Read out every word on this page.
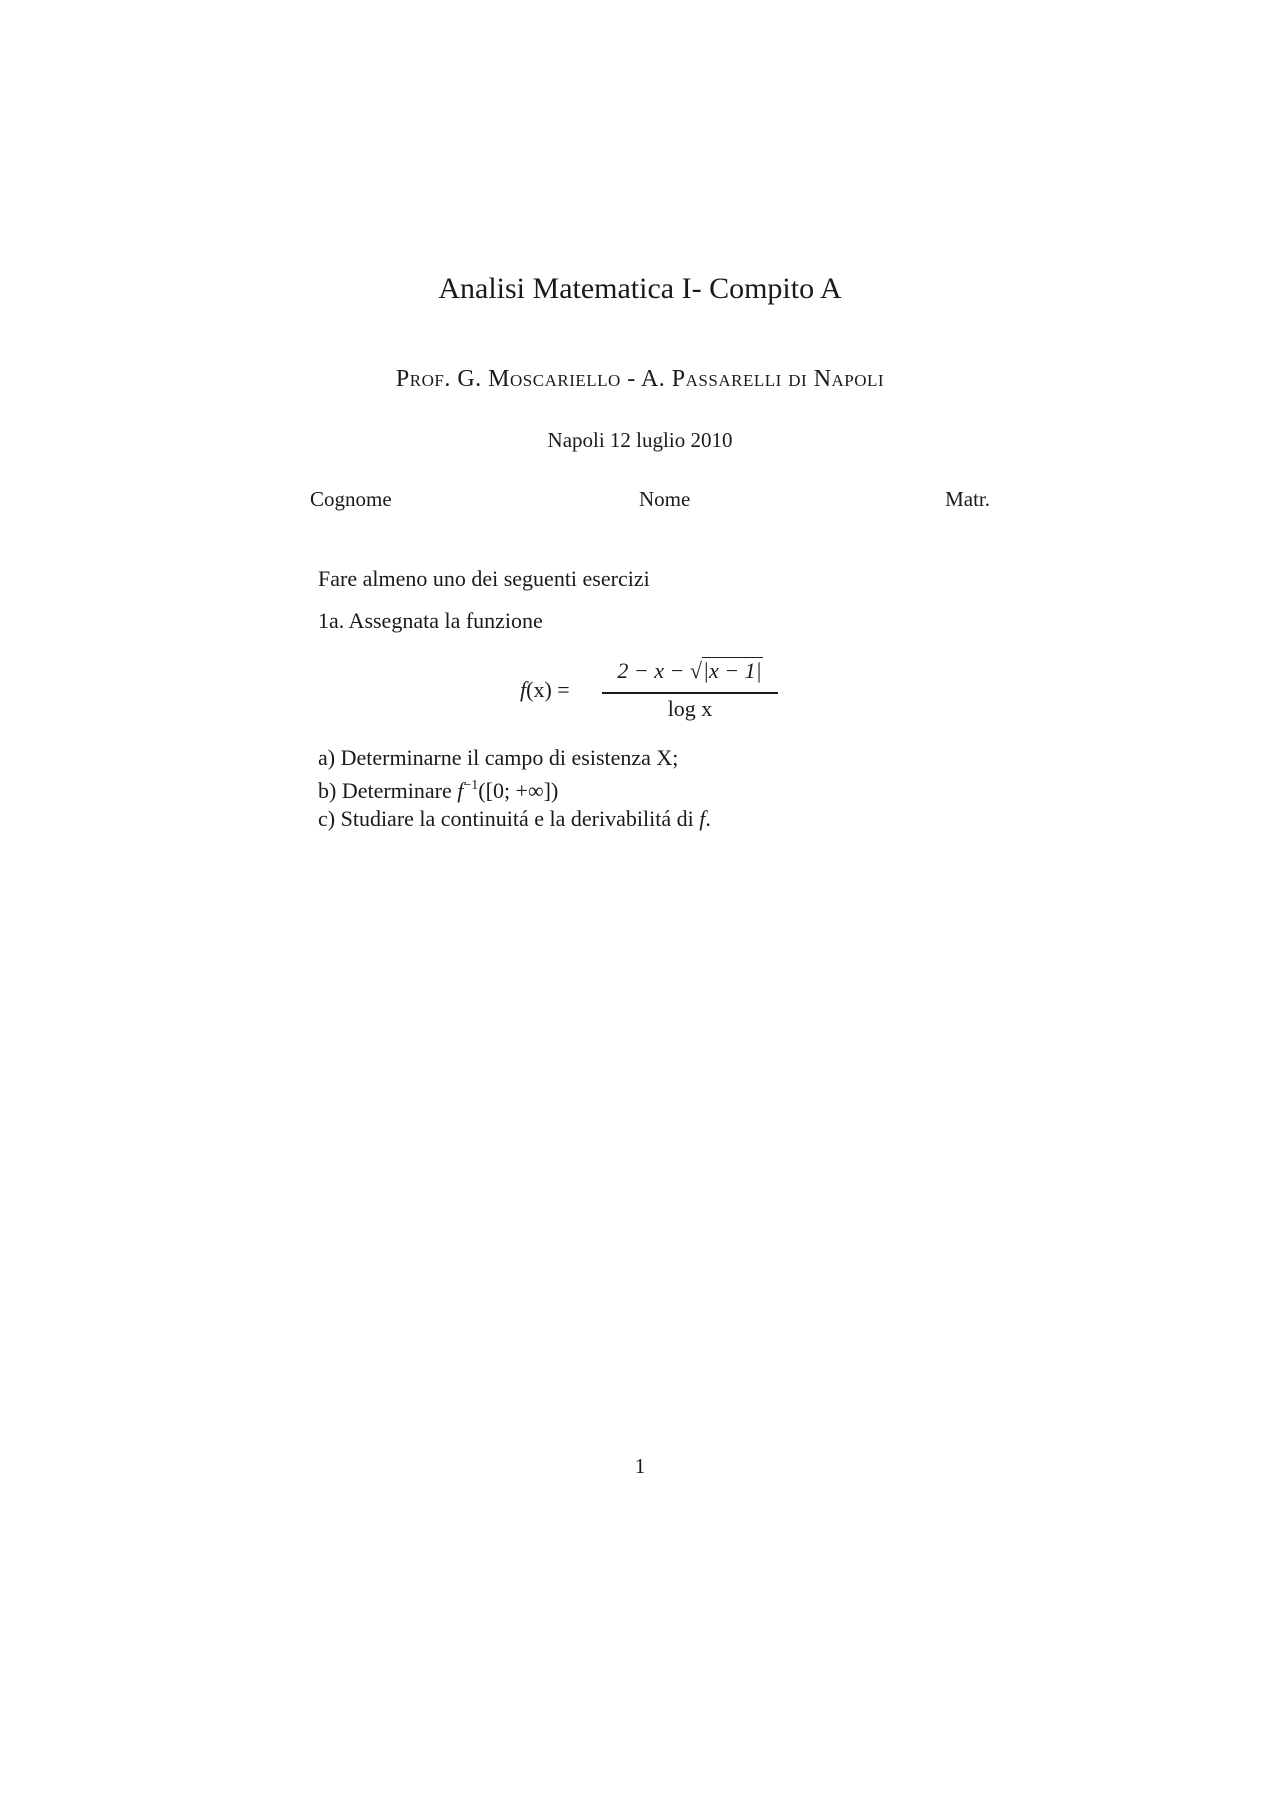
Analisi Matematica I- Compito A
Prof. G. Moscariello - A. Passarelli di Napoli
Napoli 12 luglio 2010
Cognome	Nome	Matr.
Fare almeno uno dei seguenti esercizi
1a. Assegnata la funzione
f(x) =
2 − x − √|x − 1|
log x
a) Determinarne il campo di esistenza X;
b) Determinare $f^{-1}([0$; +∞])
c) Studiare la continuitá e la derivabilitá di f.
1
